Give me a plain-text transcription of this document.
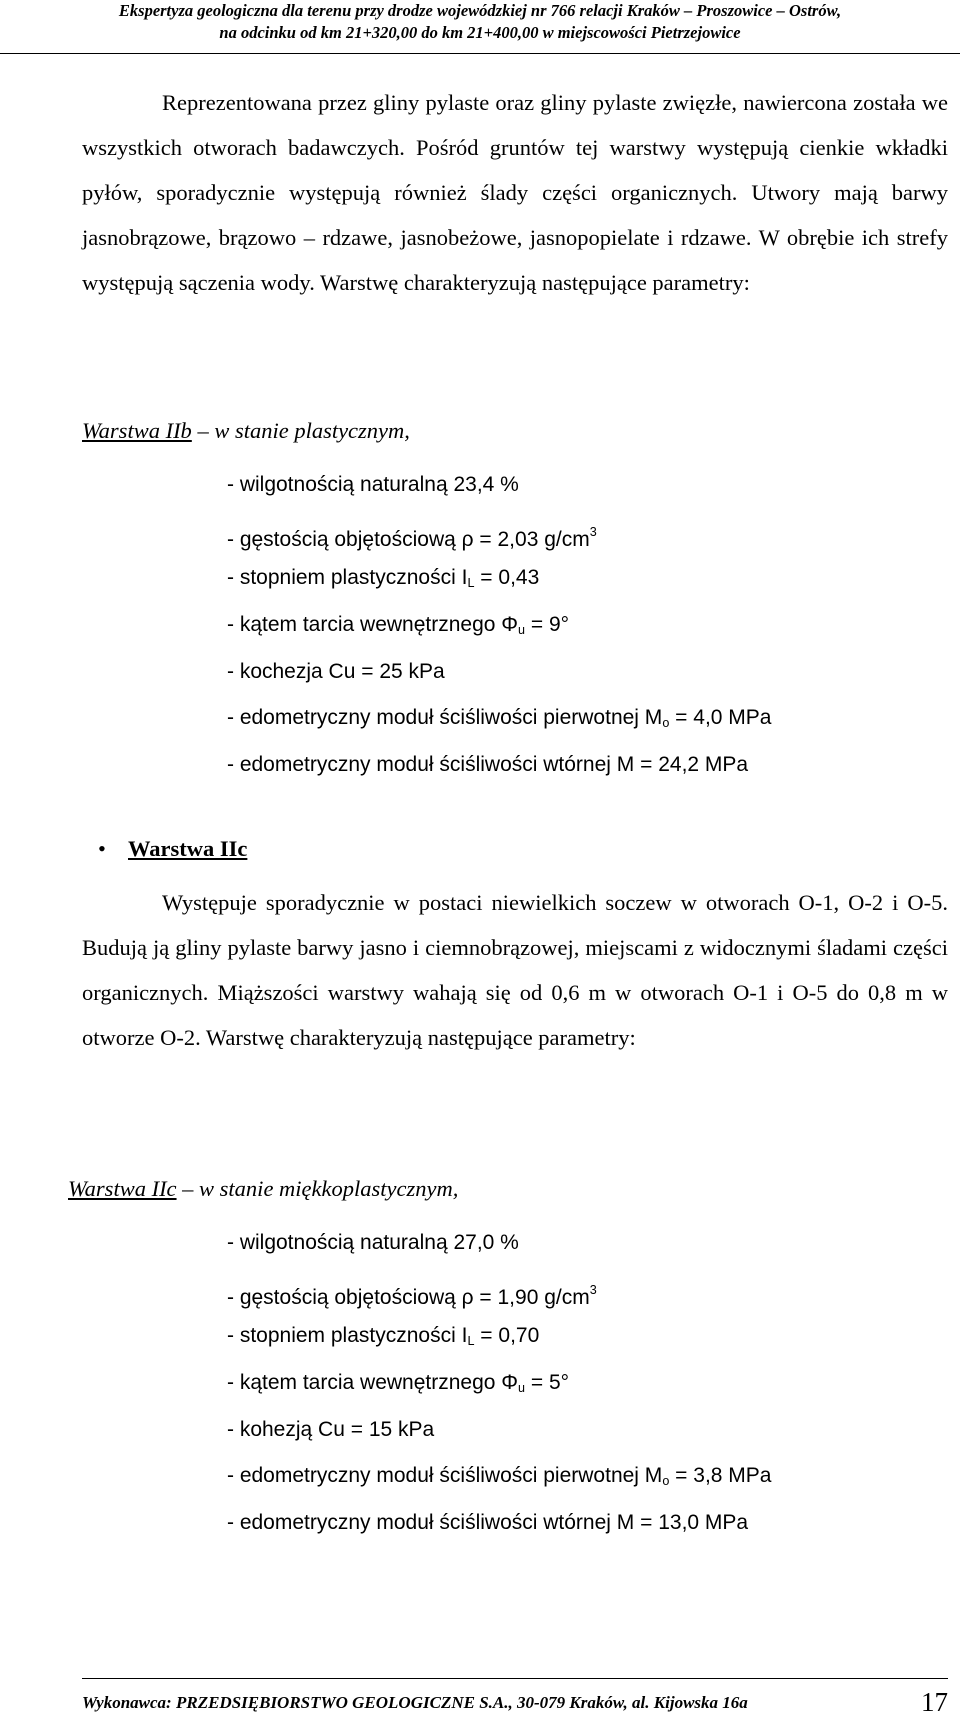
Ekspertyza geologiczna dla terenu przy drodze wojewódzkiej nr 766 relacji Kraków – Proszowice – Ostrów,
na odcinku od km 21+320,00 do km 21+400,00 w miejscowości Pietrzejowice
Reprezentowana przez gliny pylaste oraz gliny pylaste zwięzłe, nawiercona została we wszystkich otworach badawczych. Pośród gruntów tej warstwy występują cienkie wkładki pyłów, sporadycznie występują również ślady części organicznych. Utwory mają barwy jasnobrązowe, brązowo – rdzawe, jasnobeżowe, jasnopopielate i rdzawe. W obrębie ich strefy występują sączenia wody. Warstwę charakteryzują następujące parametry:
Warstwa IIb – w stanie plastycznym,
- wilgotnością naturalną 23,4 %
- gęstością objętościową ρ = 2,03 $g/cm^3$
- stopniem plastyczności $I_L = 0,43$
- kątem tarcia wewnętrznego $\Phi_u = 9^\circ$
- kochezja Cu = 25 kPa
- edometryczny moduł ściśliwości pierwotnej $M_o = 4,0$ MPa
- edometryczny moduł ściśliwości wtórnej M = 24,2 MPa
• Warstwa IIc
Występuje sporadycznie w postaci niewielkich soczew w otworach O-1, O-2 i O-5. Budują ją gliny pylaste barwy jasno i ciemnobrązowej, miejscami z widocznymi śladami części organicznych. Miąższości warstwy wahają się od 0,6 m w otworach O-1 i O-5 do 0,8 m w otworze O-2. Warstwę charakteryzują następujące parametry:
Warstwa IIc – w stanie miękkoplastycznym,
- wilgotnością naturalną 27,0 %
- gęstością objętościową ρ = 1,90 $g/cm^3$
- stopniem plastyczności $I_L = 0,70$
- kątem tarcia wewnętrznego $\Phi_u = 5^\circ$
- kohezją Cu = 15 kPa
- edometryczny moduł ściśliwości pierwotnej $M_o = 3,8$ MPa
- edometryczny moduł ściśliwości wtórnej M = 13,0 MPa
Wykonawca: PRZEDSIĘBIORSTWO GEOLOGICZNE S.A., 30-079 Kraków, al. Kijowska 16a	17
